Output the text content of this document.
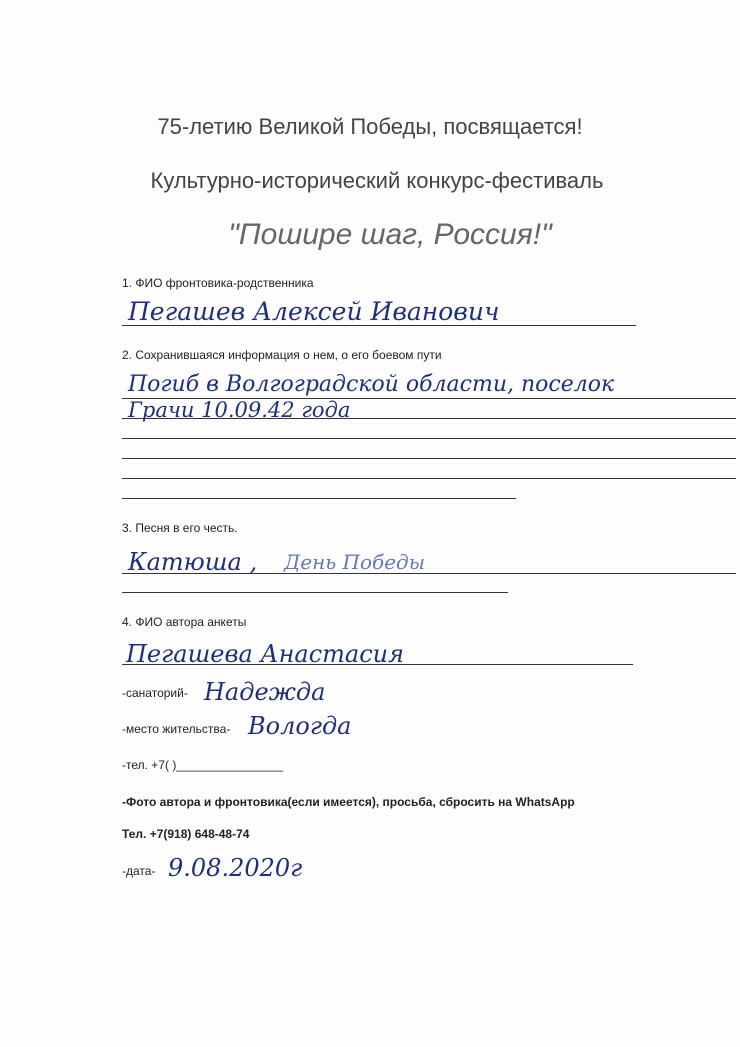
75-летию Великой Победы, посвящается!
Культурно-исторический конкурс-фестиваль
"Пошире шаг, Россия!"
1. ФИО фронтовика-родственника
Пегашев Алексей Иванович
2. Сохранившаяся информация о нем, о его боевом пути
Погиб в Волгоградской области, поселок
Грачи 10.09.42 года
3. Песня в его честь.
Катюша , День Победы
4. ФИО автора анкеты
Пегашева Анастасия
-санаторий- Надежда
-место жительства- Вологда
-тел. +7( )________________
-Фото автора и фронтовика(если имеется), просьба, сбросить на WhatsApp
Тел. +7(918) 648-48-74
-дата- 9.08.2020г
